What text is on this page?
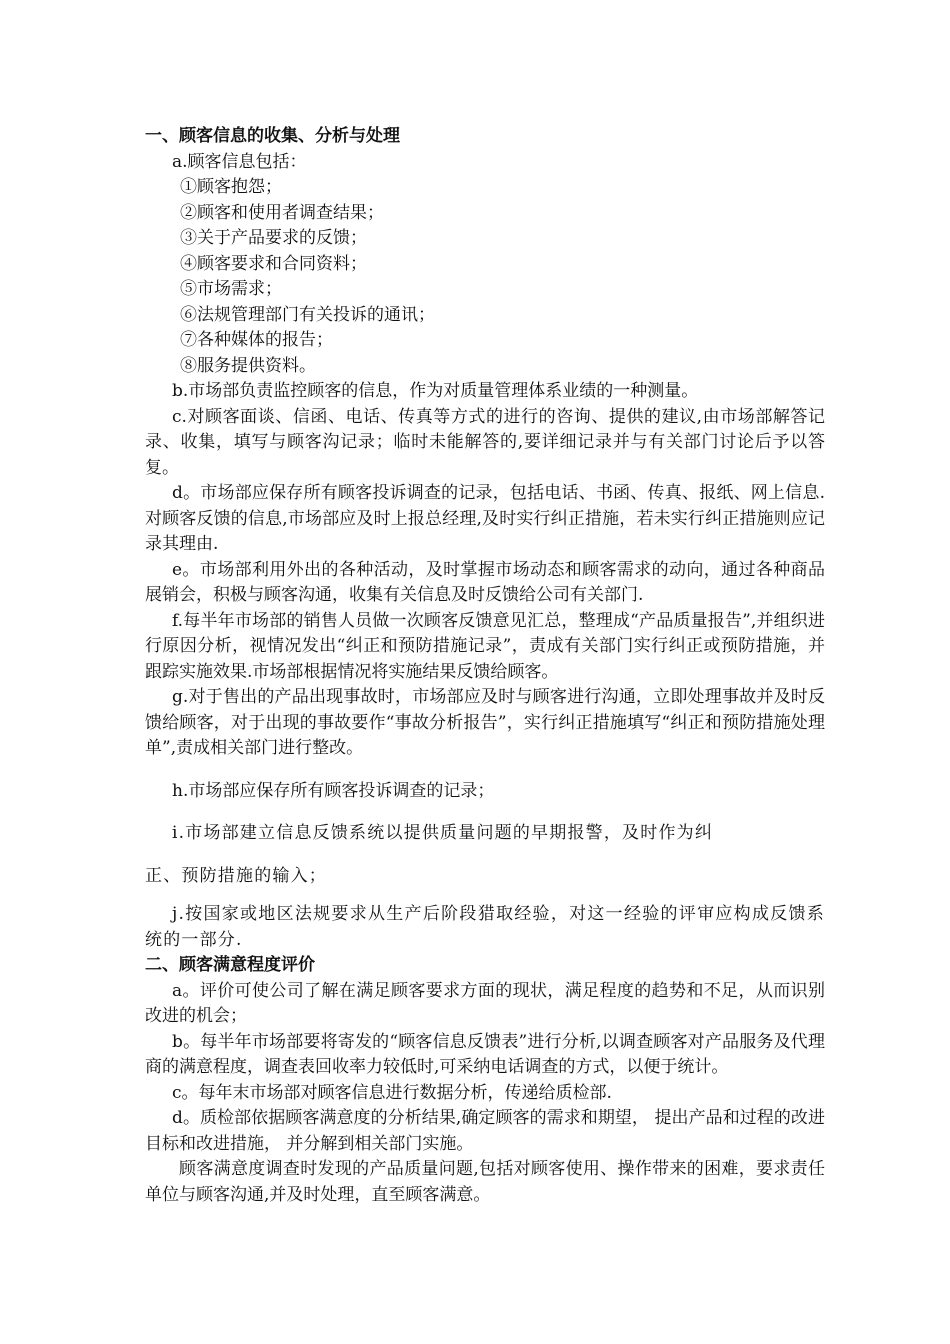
一、顾客信息的收集、分析与处理
a.顾客信息包括：
①顾客抱怨；
②顾客和使用者调查结果；
③关于产品要求的反馈；
④顾客要求和合同资料；
⑤市场需求；
⑥法规管理部门有关投诉的通讯；
⑦各种媒体的报告；
⑧服务提供资料。
b.市场部负责监控顾客的信息，作为对质量管理体系业绩的一种测量。
c.对顾客面谈、信函、电话、传真等方式的进行的咨询、提供的建议,由市场部解答记录、收集，填写与顾客沟记录；临时未能解答的,要详细记录并与有关部门讨论后予以答复。
d。市场部应保存所有顾客投诉调查的记录，包括电话、书函、传真、报纸、网上信息.对顾客反馈的信息,市场部应及时上报总经理,及时实行纠正措施，若未实行纠正措施则应记录其理由.
e。市场部利用外出的各种活动，及时掌握市场动态和顾客需求的动向，通过各种商品展销会，积极与顾客沟通，收集有关信息及时反馈给公司有关部门.
f.每半年市场部的销售人员做一次顾客反馈意见汇总，整理成“产品质量报告”,并组织进行原因分析，视情况发出“纠正和预防措施记录”，责成有关部门实行纠正或预防措施，并跟踪实施效果.市场部根据情况将实施结果反馈给顾客。
g.对于售出的产品出现事故时，市场部应及时与顾客进行沟通，立即处理事故并及时反馈给顾客，对于出现的事故要作“事故分析报告”，实行纠正措施填写“纠正和预防措施处理单”,责成相关部门进行整改。
h.市场部应保存所有顾客投诉调查的记录；
i.市场部建立信息反馈系统以提供质量问题的早期报警，及时作为纠
正、预防措施的输入；
j.按国家或地区法规要求从生产后阶段猎取经验，对这一经验的评审应构成反馈系统的一部分.
二、顾客满意程度评价
a。评价可使公司了解在满足顾客要求方面的现状，满足程度的趋势和不足，从而识别改进的机会；
b。每半年市场部要将寄发的“顾客信息反馈表”进行分析,以调查顾客对产品服务及代理商的满意程度，调查表回收率力较低时,可采纳电话调查的方式，以便于统计。
c。每年末市场部对顾客信息进行数据分析，传递给质检部.
d。质检部依据顾客满意度的分析结果,确定顾客的需求和期望， 提出产品和过程的改进目标和改进措施， 并分解到相关部门实施。
顾客满意度调查时发现的产品质量问题,包括对顾客使用、操作带来的困难，要求责任单位与顾客沟通,并及时处理，直至顾客满意。
